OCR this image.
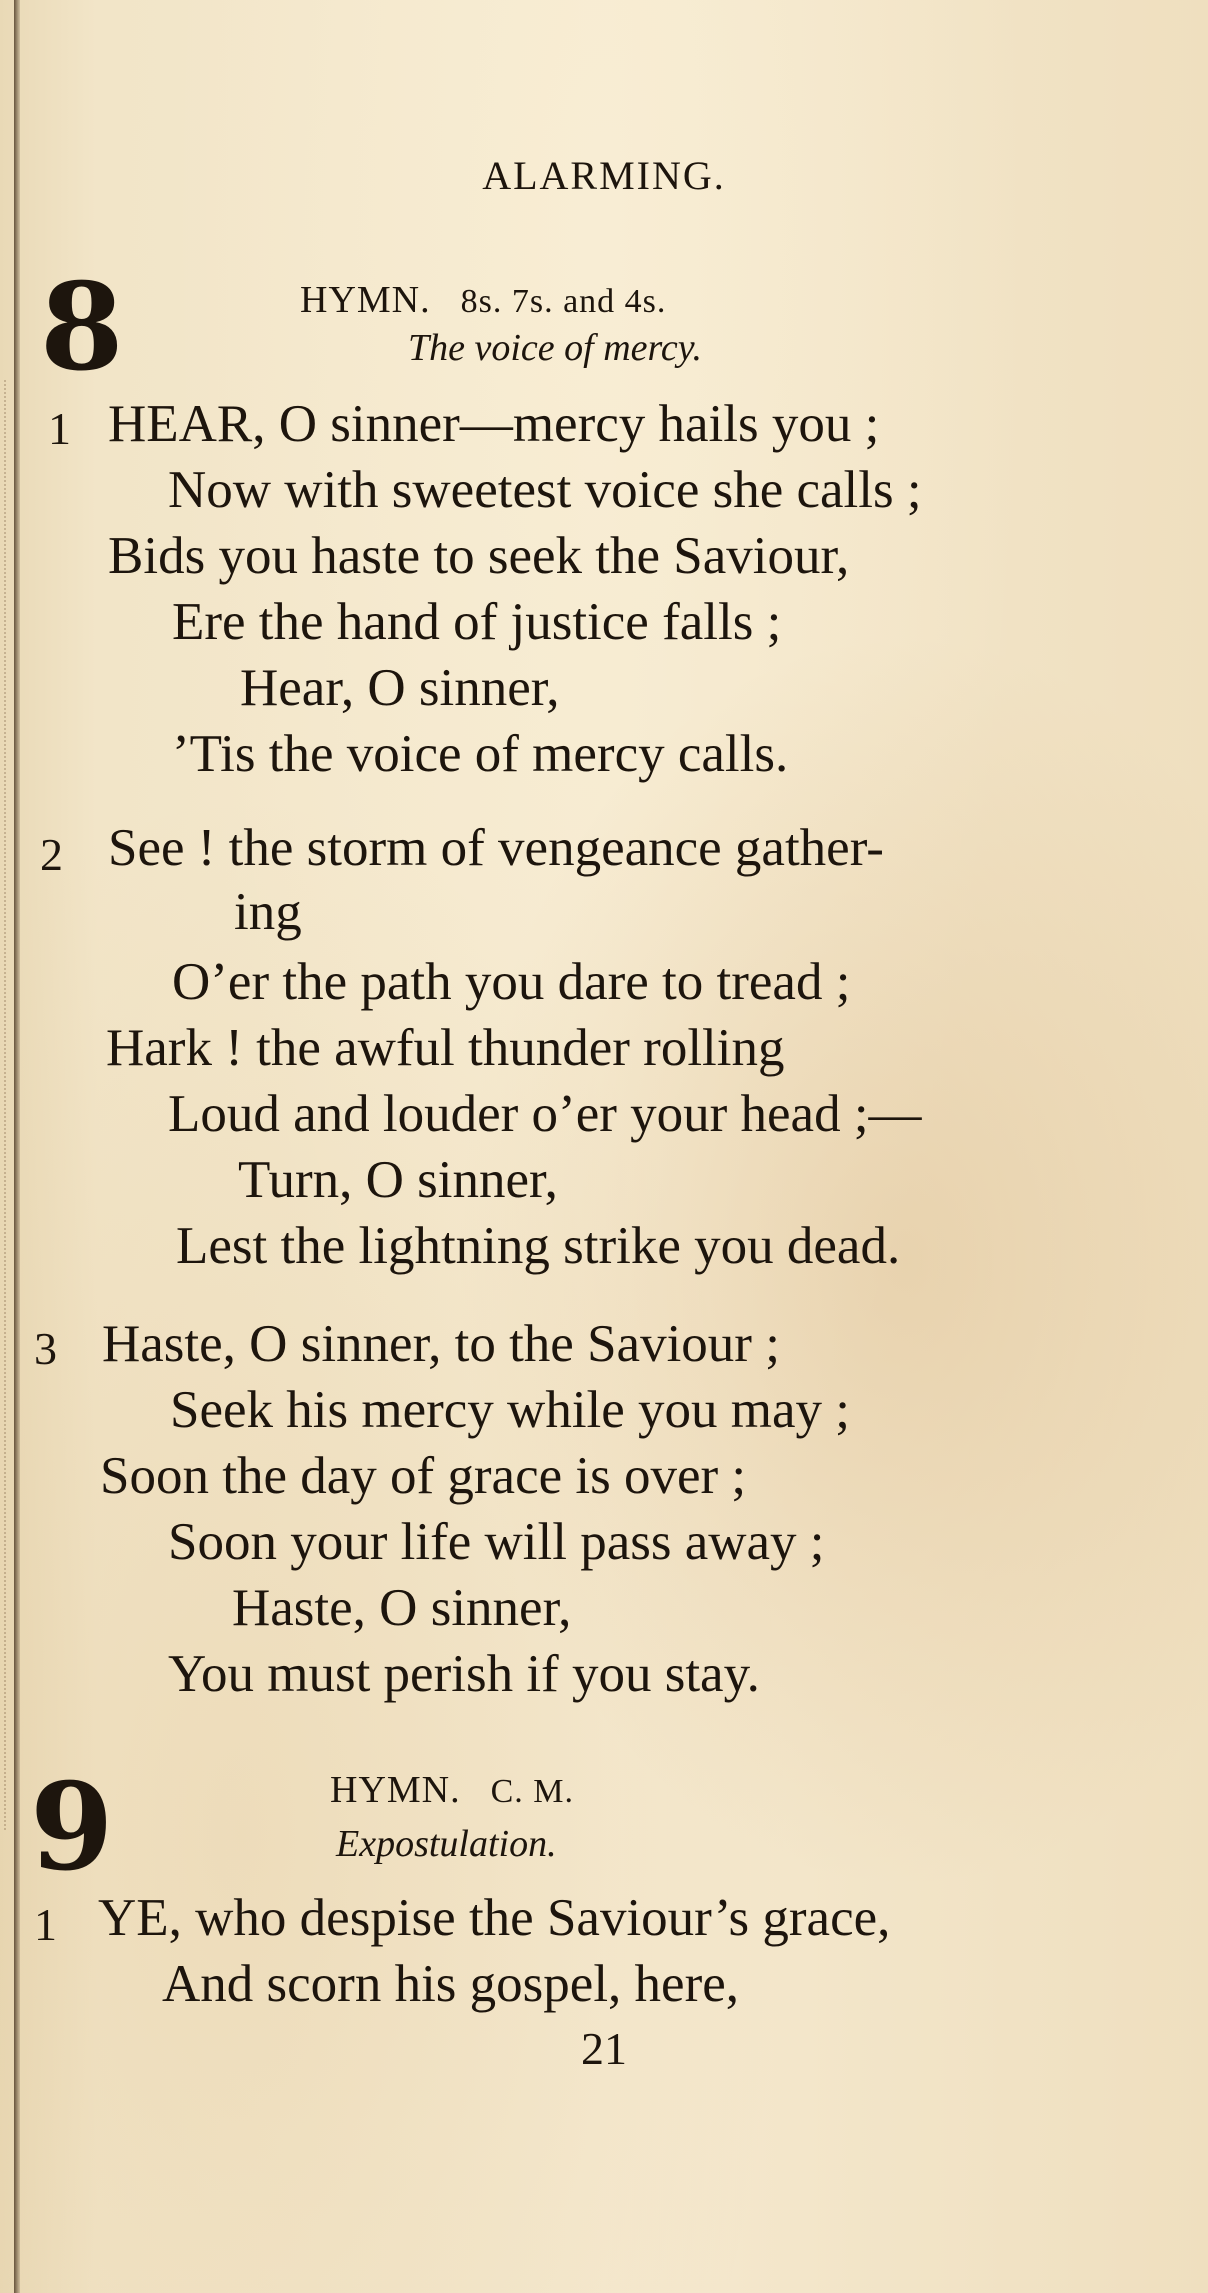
ALARMING.
8	HYMN. 8s. 7s. and 4s.
The voice of mercy.
1 HEAR, O sinner—mercy hails you ;
Now with sweetest voice she calls ;
Bids you haste to seek the Saviour,
Ere the hand of justice falls ;
Hear, O sinner,
’Tis the voice of mercy calls.
2 See ! the storm of vengeance gather-
ing
O’er the path you dare to tread ;
Hark ! the awful thunder rolling
Loud and louder o’er your head ;—
Turn, O sinner,
Lest the lightning strike you dead.
3 Haste, O sinner, to the Saviour ;
Seek his mercy while you may ;
Soon the day of grace is over ;
Soon your life will pass away ;
Haste, O sinner,
You must perish if you stay.
9	HYMN. C. M.
Expostulation.
1 YE, who despise the Saviour’s grace,
And scorn his gospel, here,
21
